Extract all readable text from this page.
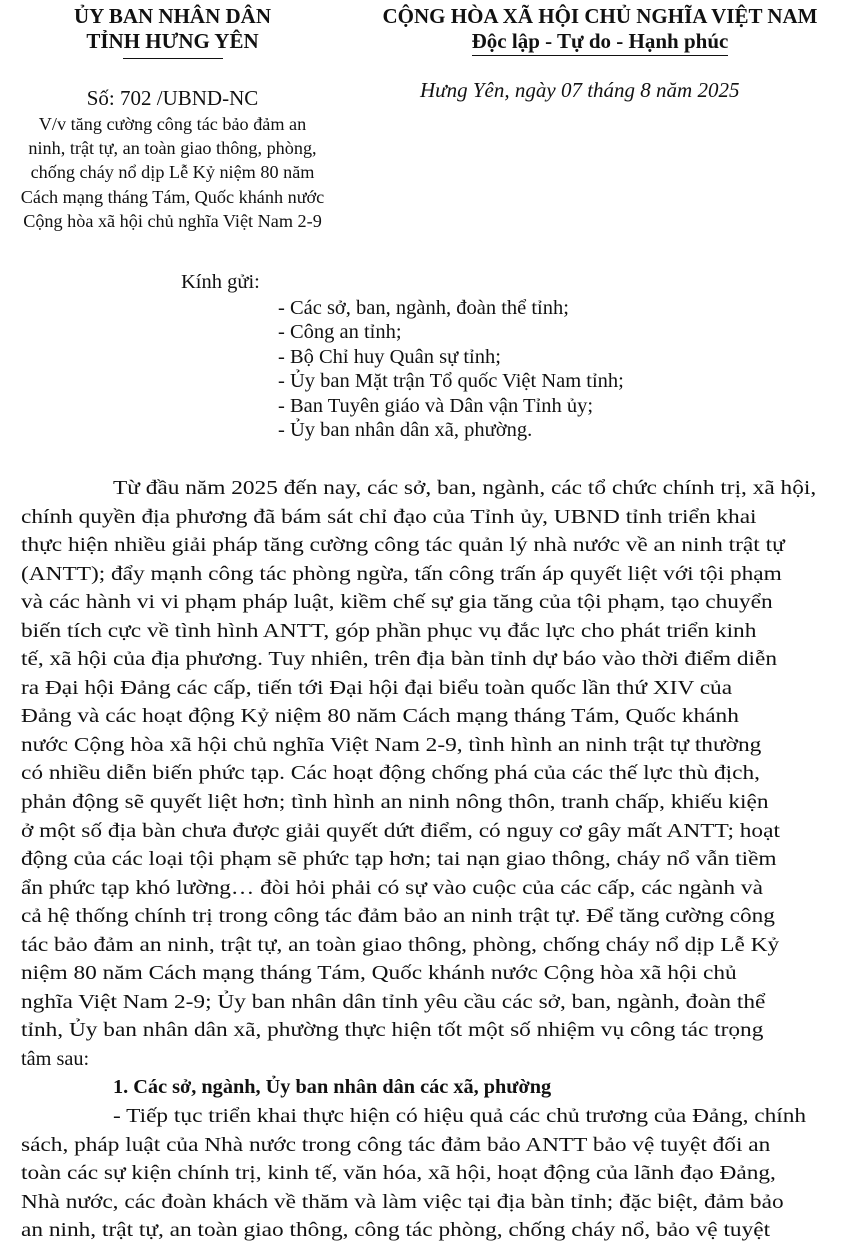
ỦY BAN NHÂN DÂN
TỈNH HƯNG YÊN
Số: 702 /UBND-NC
V/v tăng cường công tác bảo đảm an
ninh, trật tự, an toàn giao thông, phòng,
chống cháy nổ dịp Lễ Kỷ niệm 80 năm
Cách mạng tháng Tám, Quốc khánh nước
Cộng hòa xã hội chủ nghĩa Việt Nam 2-9
CỘNG HÒA XÃ HỘI CHỦ NGHĨA VIỆT NAM
Độc lập - Tự do - Hạnh phúc
Hưng Yên, ngày 07 tháng 8 năm 2025
Kính gửi:
- Các sở, ban, ngành, đoàn thể tỉnh;
- Công an tỉnh;
- Bộ Chỉ huy Quân sự tỉnh;
- Ủy ban Mặt trận Tổ quốc Việt Nam tỉnh;
- Ban Tuyên giáo và Dân vận Tỉnh ủy;
- Ủy ban nhân dân xã, phường.
Từ đầu năm 2025 đến nay, các sở, ban, ngành, các tổ chức chính trị, xã hội,
chính quyền địa phương đã bám sát chỉ đạo của Tỉnh ủy, UBND tỉnh triển khai
thực hiện nhiều giải pháp tăng cường công tác quản lý nhà nước về an ninh trật tự
(ANTT); đẩy mạnh công tác phòng ngừa, tấn công trấn áp quyết liệt với tội phạm
và các hành vi vi phạm pháp luật, kiềm chế sự gia tăng của tội phạm, tạo chuyển
biến tích cực về tình hình ANTT, góp phần phục vụ đắc lực cho phát triển kinh
tế, xã hội của địa phương. Tuy nhiên, trên địa bàn tỉnh dự báo vào thời điểm diễn
ra Đại hội Đảng các cấp, tiến tới Đại hội đại biểu toàn quốc lần thứ XIV của
Đảng và các hoạt động Kỷ niệm 80 năm Cách mạng tháng Tám, Quốc khánh
nước Cộng hòa xã hội chủ nghĩa Việt Nam 2-9, tình hình an ninh trật tự thường
có nhiều diễn biến phức tạp. Các hoạt động chống phá của các thế lực thù địch,
phản động sẽ quyết liệt hơn; tình hình an ninh nông thôn, tranh chấp, khiếu kiện
ở một số địa bàn chưa được giải quyết dứt điểm, có nguy cơ gây mất ANTT; hoạt
động của các loại tội phạm sẽ phức tạp hơn; tai nạn giao thông, cháy nổ vẫn tiềm
ẩn phức tạp khó lường… đòi hỏi phải có sự vào cuộc của các cấp, các ngành và
cả hệ thống chính trị trong công tác đảm bảo an ninh trật tự. Để tăng cường công
tác bảo đảm an ninh, trật tự, an toàn giao thông, phòng, chống cháy nổ dịp Lễ Kỷ
niệm 80 năm Cách mạng tháng Tám, Quốc khánh nước Cộng hòa xã hội chủ
nghĩa Việt Nam 2-9; Ủy ban nhân dân tỉnh yêu cầu các sở, ban, ngành, đoàn thể
tỉnh, Ủy ban nhân dân xã, phường thực hiện tốt một số nhiệm vụ công tác trọng
tâm sau:
1. Các sở, ngành, Ủy ban nhân dân các xã, phường
- Tiếp tục triển khai thực hiện có hiệu quả các chủ trương của Đảng, chính
sách, pháp luật của Nhà nước trong công tác đảm bảo ANTT bảo vệ tuyệt đối an
toàn các sự kiện chính trị, kinh tế, văn hóa, xã hội, hoạt động của lãnh đạo Đảng,
Nhà nước, các đoàn khách về thăm và làm việc tại địa bàn tỉnh; đặc biệt, đảm bảo
an ninh, trật tự, an toàn giao thông, công tác phòng, chống cháy nổ, bảo vệ tuyệt
